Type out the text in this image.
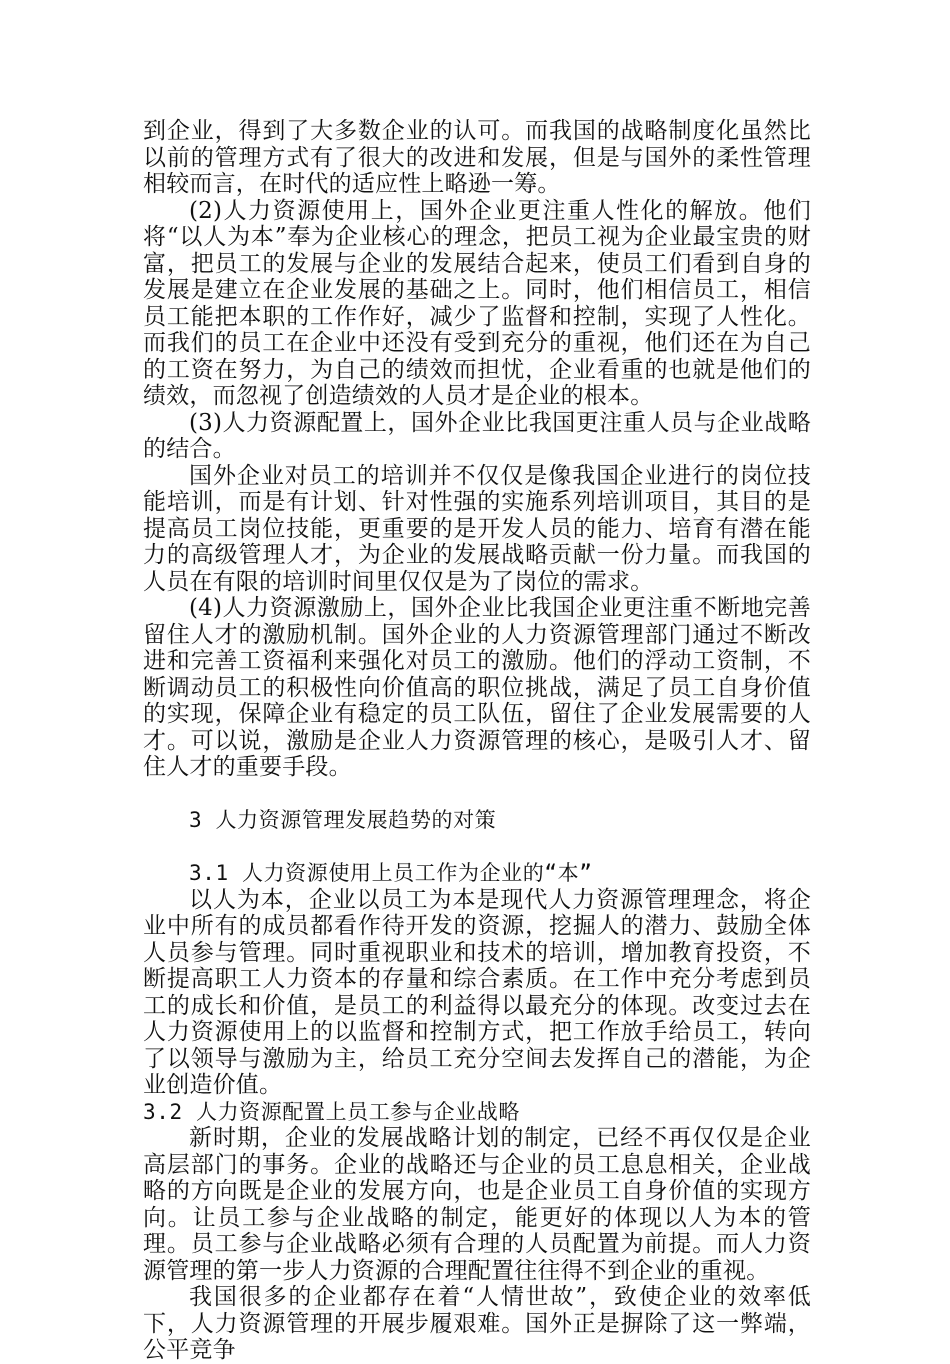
到企业，得到了大多数企业的认可。而我国的战略制度化虽然比以前的管理方式有了很大的改进和发展，但是与国外的柔性管理相较而言，在时代的适应性上略逊一筹。

(2)人力资源使用上，国外企业更注重人性化的解放。他们将“以人为本”奉为企业核心的理念，把员工视为企业最宝贵的财富，把员工的发展与企业的发展结合起来，使员工们看到自身的发展是建立在企业发展的基础之上。同时，他们相信员工，相信员工能把本职的工作作好，减少了监督和控制，实现了人性化。而我们的员工在企业中还没有受到充分的重视，他们还在为自己的工资在努力，为自己的绩效而担忧，企业看重的也就是他们的绩效，而忽视了创造绩效的人员才是企业的根本。

(3)人力资源配置上，国外企业比我国更注重人员与企业战略的结合。

国外企业对员工的培训并不仅仅是像我国企业进行的岗位技能培训，而是有计划、针对性强的实施系列培训项目，其目的是提高员工岗位技能，更重要的是开发人员的能力、培育有潜在能力的高级管理人才，为企业的发展战略贡献一份力量。而我国的人员在有限的培训时间里仅仅是为了岗位的需求。

(4)人力资源激励上，国外企业比我国企业更注重不断地完善留住人才的激励机制。国外企业的人力资源管理部门通过不断改进和完善工资福利来强化对员工的激励。他们的浮动工资制，不断调动员工的积极性向价值高的职位挑战，满足了员工自身价值的实现，保障企业有稳定的员工队伍，留住了企业发展需要的人才。可以说，激励是企业人力资源管理的核心，是吸引人才、留住人才的重要手段。

3 人力资源管理发展趋势的对策
3.1 人力资源使用上员工作为企业的“本”

以人为本，企业以员工为本是现代人力资源管理理念，将企业中所有的成员都看作待开发的资源，挖掘人的潜力、鼓励全体人员参与管理。同时重视职业和技术的培训，增加教育投资，不断提高职工人力资本的存量和综合素质。在工作中充分考虑到员工的成长和价值，是员工的利益得以最充分的体现。改变过去在人力资源使用上的以监督和控制方式，把工作放手给员工，转向了以领导与激励为主，给员工充分空间去发挥自己的潜能，为企业创造价值。

3.2 人力资源配置上员工参与企业战略

新时期，企业的发展战略计划的制定，已经不再仅仅是企业高层部门的事务。企业的战略还与企业的员工息息相关，企业战略的方向既是企业的发展方向，也是企业员工自身价值的实现方向。让员工参与企业战略的制定，能更好的体现以人为本的管理。员工参与企业战略必须有合理的人员配置为前提。而人力资源管理的第一步人力资源的合理配置往往得不到企业的重视。

我国很多的企业都存在着“人情世故”，致使企业的效率低下，人力资源管理的开展步履艰难。国外正是摒除了这一弊端，公平竞争
